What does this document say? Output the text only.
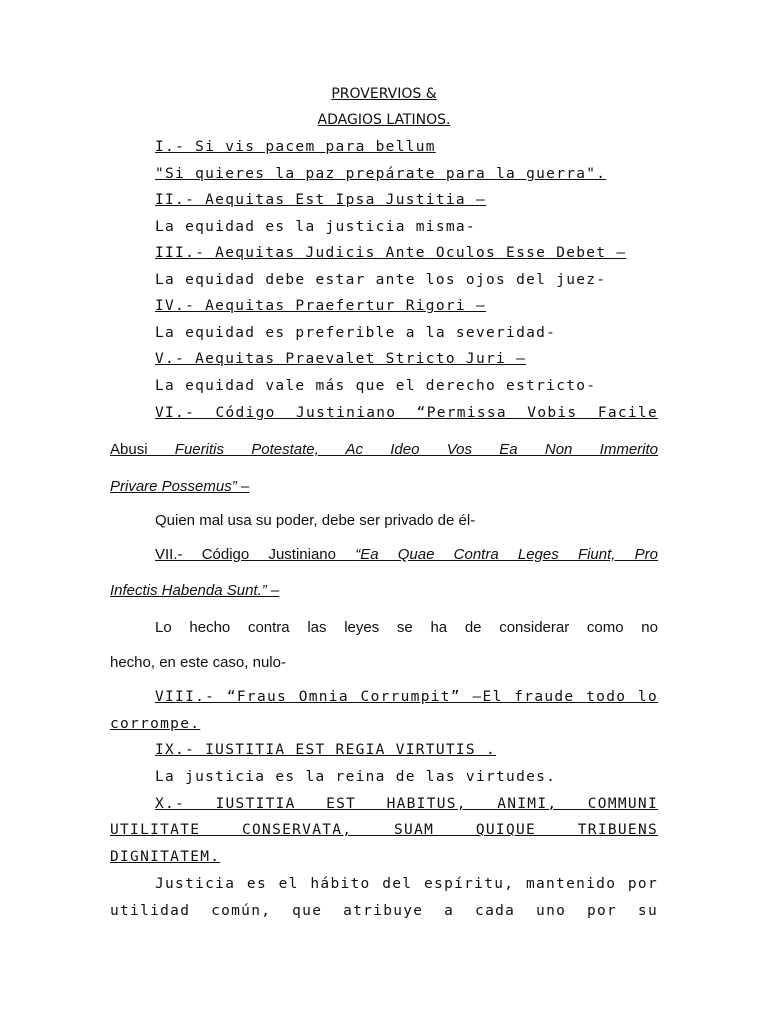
PROVERVIOS &
ADAGIOS LATINOS.
I.- Si vis pacem para bellum
"Si quieres la paz prepárate para la guerra".
II.- Aequitas Est Ipsa Justitia –
La equidad es la justicia misma-
III.- Aequitas Judicis Ante Oculos Esse Debet –
La equidad debe estar ante los ojos del juez-
IV.- Aequitas Praefertur Rigori –
La equidad es preferible a la severidad-
V.- Aequitas Praevalet Stricto Juri –
La equidad vale más que el derecho estricto-
VI.- Código Justiniano “Permissa Vobis Facile
Abusi Fueritis Potestate, Ac Ideo Vos Ea Non Immerito
Privare Possemus” –
Quien mal usa su poder, debe ser privado de él-
VII.- Código Justiniano “Ea Quae Contra Leges Fiunt, Pro
Infectis Habenda Sunt.” –
Lo hecho contra las leyes se ha de considerar como no
hecho, en este caso, nulo-
VIII.- “Fraus Omnia Corrumpit” –El fraude todo lo
corrompe.
IX.- IUSTITIA EST REGIA VIRTUTIS .
La justicia es la reina de las virtudes.
X.- IUSTITIA EST HABITUS, ANIMI, COMMUNI
UTILITATE CONSERVATA, SUAM QUIQUE TRIBUENS
DIGNITATEM.
Justicia es el hábito del espíritu, mantenido por
utilidad común, que atribuye a cada uno por su
